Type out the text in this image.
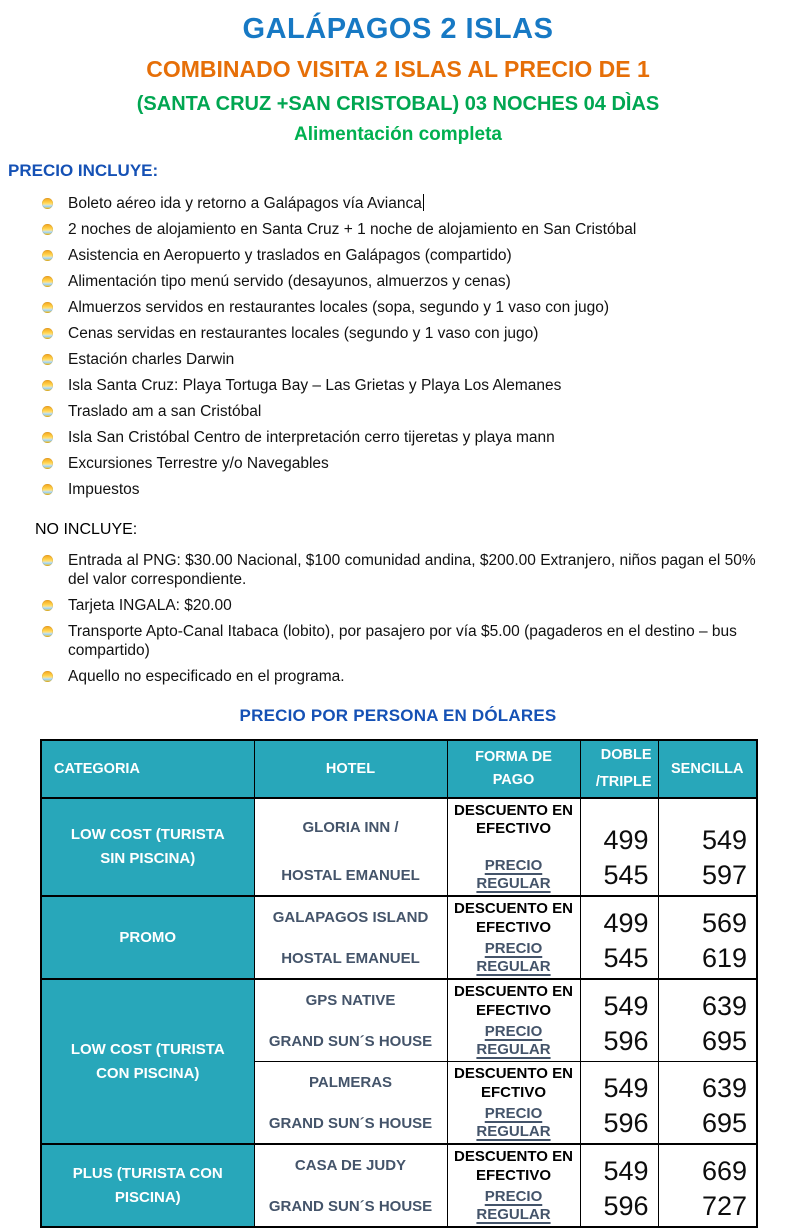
GALÁPAGOS 2 ISLAS
COMBINADO VISITA 2 ISLAS AL PRECIO DE 1
(SANTA CRUZ +SAN CRISTOBAL) 03 NOCHES 04 DÌAS
Alimentación completa
PRECIO INCLUYE:
Boleto aéreo ida y retorno a Galápagos vía Avianca
2 noches de alojamiento en Santa Cruz + 1 noche de alojamiento en San Cristóbal
Asistencia en Aeropuerto y traslados en Galápagos (compartido)
Alimentación tipo menú servido (desayunos, almuerzos y cenas)
Almuerzos servidos en restaurantes locales (sopa, segundo y 1 vaso con jugo)
Cenas servidas en restaurantes locales (segundo y 1 vaso con jugo)
Estación charles Darwin
Isla Santa Cruz: Playa Tortuga Bay – Las Grietas y Playa Los Alemanes
Traslado am a san Cristóbal
Isla San Cristóbal Centro de interpretación cerro tijeretas y playa mann
Excursiones Terrestre y/o Navegables
Impuestos
NO INCLUYE:
Entrada al PNG: $30.00 Nacional, $100 comunidad andina, $200.00 Extranjero, niños pagan el 50% del valor correspondiente.
Tarjeta INGALA: $20.00
Transporte Apto-Canal Itabaca (lobito), por pasajero por vía $5.00 (pagaderos en el destino – bus compartido)
Aquello no especificado en el programa.
PRECIO POR PERSONA EN DÓLARES
CATEGORIA	HOTEL	FORMA DE PAGO	DOBLE /TRIPLE	SENCILLA
LOW COST (TURISTA SIN PISCINA)	GLORIA INN /	DESCUENTO EN EFECTIVO	499	549
	HOSTAL EMANUEL	PRECIO REGULAR	545	597
PROMO	GALAPAGOS ISLAND	DESCUENTO EN EFECTIVO	499	569
	HOSTAL EMANUEL	PRECIO REGULAR	545	619
LOW COST (TURISTA CON PISCINA)	GPS NATIVE	DESCUENTO EN EFECTIVO	549	639
	GRAND SUN´S HOUSE	PRECIO REGULAR	596	695
	PALMERAS	DESCUENTO EN EFCTIVO	549	639
	GRAND SUN´S HOUSE	PRECIO REGULAR	596	695
PLUS (TURISTA CON PISCINA)	CASA DE JUDY	DESCUENTO EN EFECTIVO	549	669
	GRAND SUN´S HOUSE	PRECIO REGULAR	596	727
